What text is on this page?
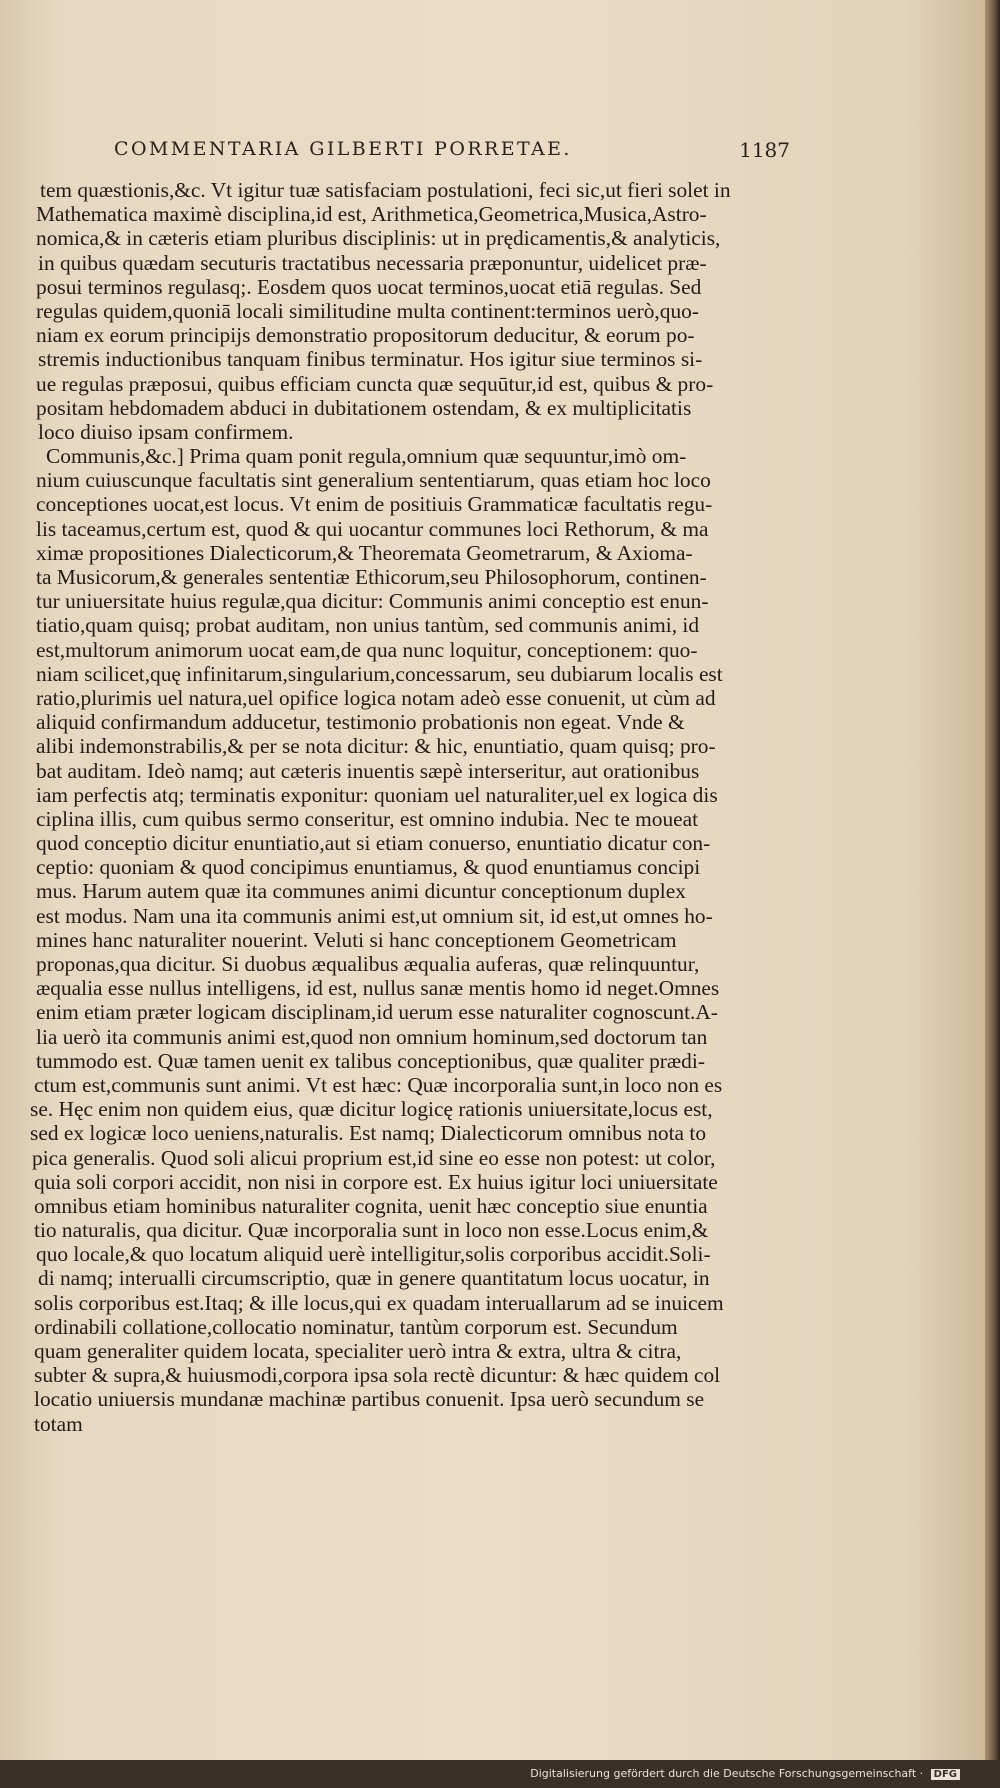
COMMENTARIA GILBERTI PORRETAE.	1187
tem quæstionis,&c. Vt igitur tuæ satisfaciam postulationi, feci sic,ut fieri solet in
Mathematica maximè disciplina,id est, Arithmetica,Geometrica,Musica,Astro-
nomica,& in cæteris etiam pluribus disciplinis: ut in prędicamentis,& analyticis,
in quibus quædam secuturis tractatibus necessaria præponuntur, uidelicet præ-
posui terminos regulasq;. Eosdem quos uocat terminos,uocat etiā regulas. Sed
regulas quidem,quoniā locali similitudine multa continent:terminos uerò,quo-
niam ex eorum principijs demonstratio propositorum deducitur, & eorum po-
stremis inductionibus tanquam finibus terminatur. Hos igitur siue terminos si-
ue regulas præposui, quibus efficiam cuncta quæ sequūtur,id est, quibus & pro-
positam hebdomadem abduci in dubitationem ostendam, & ex multiplicitatis
loco diuiso ipsam confirmem.
Communis,&c.] Prima quam ponit regula,omnium quæ sequuntur,imò om-
nium cuiuscunque facultatis sint generalium sententiarum, quas etiam hoc loco
conceptiones uocat,est locus. Vt enim de positiuis Grammaticæ facultatis regu-
lis taceamus,certum est, quod & qui uocantur communes loci Rethorum, & ma
ximæ propositiones Dialecticorum,& Theoremata Geometrarum, & Axioma-
ta Musicorum,& generales sententiæ Ethicorum,seu Philosophorum, continen-
tur uniuersitate huius regulæ,qua dicitur: Communis animi conceptio est enun-
tiatio,quam quisq; probat auditam, non unius tantùm, sed communis animi, id
est,multorum animorum uocat eam,de qua nunc loquitur, conceptionem: quo-
niam scilicet,quę infinitarum,singularium,concessarum, seu dubiarum localis est
ratio,plurimis uel natura,uel opifice logica notam adeò esse conuenit, ut cùm ad
aliquid confirmandum adducetur, testimonio probationis non egeat. Vnde &
alibi indemonstrabilis,& per se nota dicitur: & hic, enuntiatio, quam quisq; pro-
bat auditam. Ideò namq; aut cæteris inuentis sæpè interseritur, aut orationibus
iam perfectis atq; terminatis exponitur: quoniam uel naturaliter,uel ex logica dis
ciplina illis, cum quibus sermo conseritur, est omnino indubia. Nec te moueat
quod conceptio dicitur enuntiatio,aut si etiam conuerso, enuntiatio dicatur con-
ceptio: quoniam & quod concipimus enuntiamus, & quod enuntiamus concipi
mus. Harum autem quæ ita communes animi dicuntur conceptionum duplex
est modus. Nam una ita communis animi est,ut omnium sit, id est,ut omnes ho-
mines hanc naturaliter nouerint. Veluti si hanc conceptionem Geometricam
proponas,qua dicitur. Si duobus æqualibus æqualia auferas, quæ relinquuntur,
æqualia esse nullus intelligens, id est, nullus sanæ mentis homo id neget.Omnes
enim etiam præter logicam disciplinam,id uerum esse naturaliter cognoscunt.A-
lia uerò ita communis animi est,quod non omnium hominum,sed doctorum tan
tummodo est. Quæ tamen uenit ex talibus conceptionibus, quæ qualiter prædi-
ctum est,communis sunt animi. Vt est hæc: Quæ incorporalia sunt,in loco non es
se. Hęc enim non quidem eius, quæ dicitur logicę rationis uniuersitate,locus est,
sed ex logicæ loco ueniens,naturalis. Est namq; Dialecticorum omnibus nota to
pica generalis. Quod soli alicui proprium est,id sine eo esse non potest: ut color,
quia soli corpori accidit, non nisi in corpore est. Ex huius igitur loci uniuersitate
omnibus etiam hominibus naturaliter cognita, uenit hæc conceptio siue enuntia
tio naturalis, qua dicitur. Quæ incorporalia sunt in loco non esse.Locus enim,&
quo locale,& quo locatum aliquid uerè intelligitur,solis corporibus accidit.Soli-
di namq; interualli circumscriptio, quæ in genere quantitatum locus uocatur, in
solis corporibus est.Itaq; & ille locus,qui ex quadam interuallarum ad se inuicem
ordinabili collatione,collocatio nominatur, tantùm corporum est. Secundum
quam generaliter quidem locata, specialiter uerò intra & extra, ultra & citra,
subter & supra,& huiusmodi,corpora ipsa sola rectè dicuntur: & hæc quidem col
locatio uniuersis mundanæ machinæ partibus conuenit. Ipsa uerò secundum se
totam
Digitalisierung gefördert durch die Deutsche Forschungsgemeinschaft · DFG
